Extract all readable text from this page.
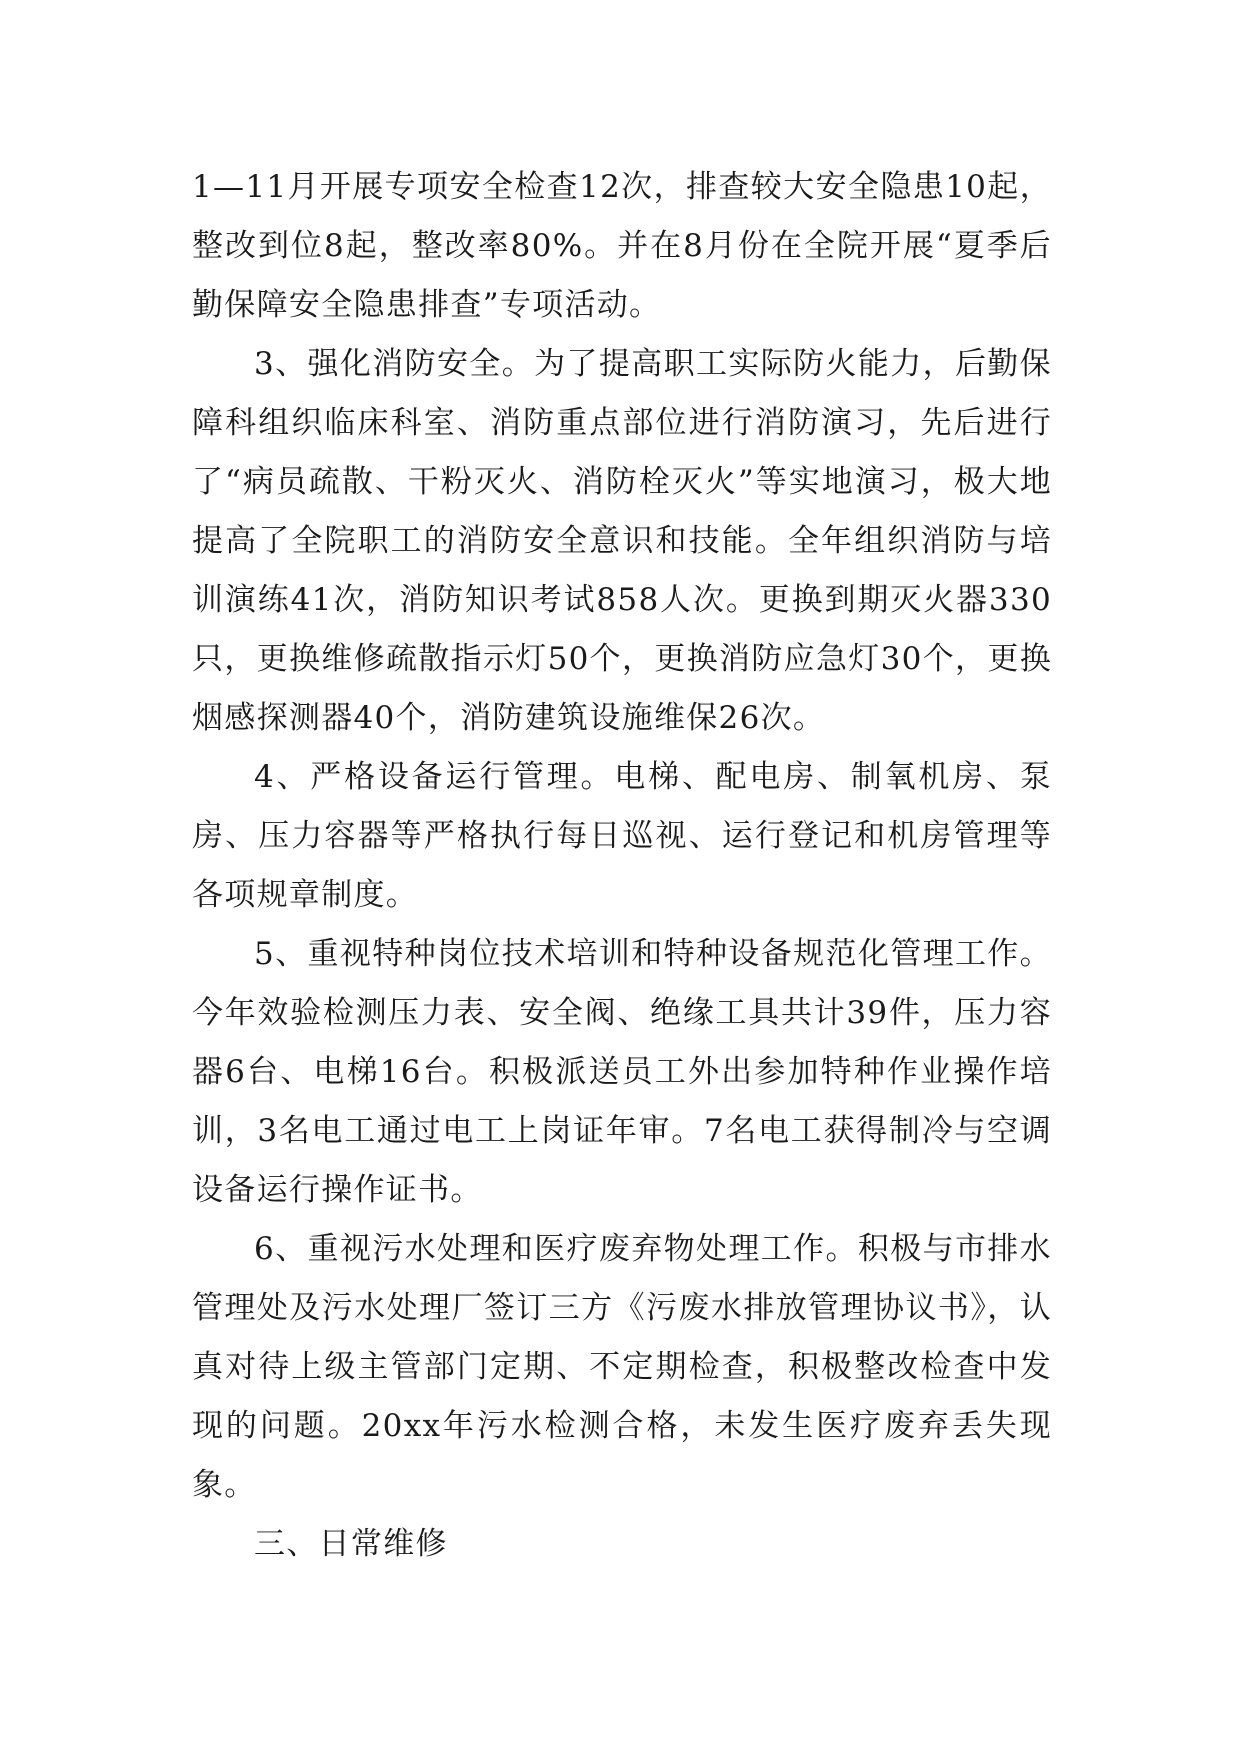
1—11月开展专项安全检查12次，排查较大安全隐患10起，整改到位8起，整改率80%。并在8月份在全院开展“夏季后勤保障安全隐患排查”专项活动。

3、强化消防安全。为了提高职工实际防火能力，后勤保障科组织临床科室、消防重点部位进行消防演习，先后进行了“病员疏散、干粉灭火、消防栓灭火”等实地演习，极大地提高了全院职工的消防安全意识和技能。全年组织消防与培训演练41次，消防知识考试858人次。更换到期灭火器330只，更换维修疏散指示灯50个，更换消防应急灯30个，更换烟感探测器40个，消防建筑设施维保26次。

4、严格设备运行管理。电梯、配电房、制氧机房、泵房、压力容器等严格执行每日巡视、运行登记和机房管理等各项规章制度。

5、重视特种岗位技术培训和特种设备规范化管理工作。今年效验检测压力表、安全阀、绝缘工具共计39件，压力容器6台、电梯16台。积极派送员工外出参加特种作业操作培训，3名电工通过电工上岗证年审。7名电工获得制冷与空调设备运行操作证书。

6、重视污水处理和医疗废弃物处理工作。积极与市排水管理处及污水处理厂签订三方《污废水排放管理协议书》，认真对待上级主管部门定期、不定期检查，积极整改检查中发现的问题。20xx年污水检测合格，未发生医疗废弃丢失现象。

三、日常维修
